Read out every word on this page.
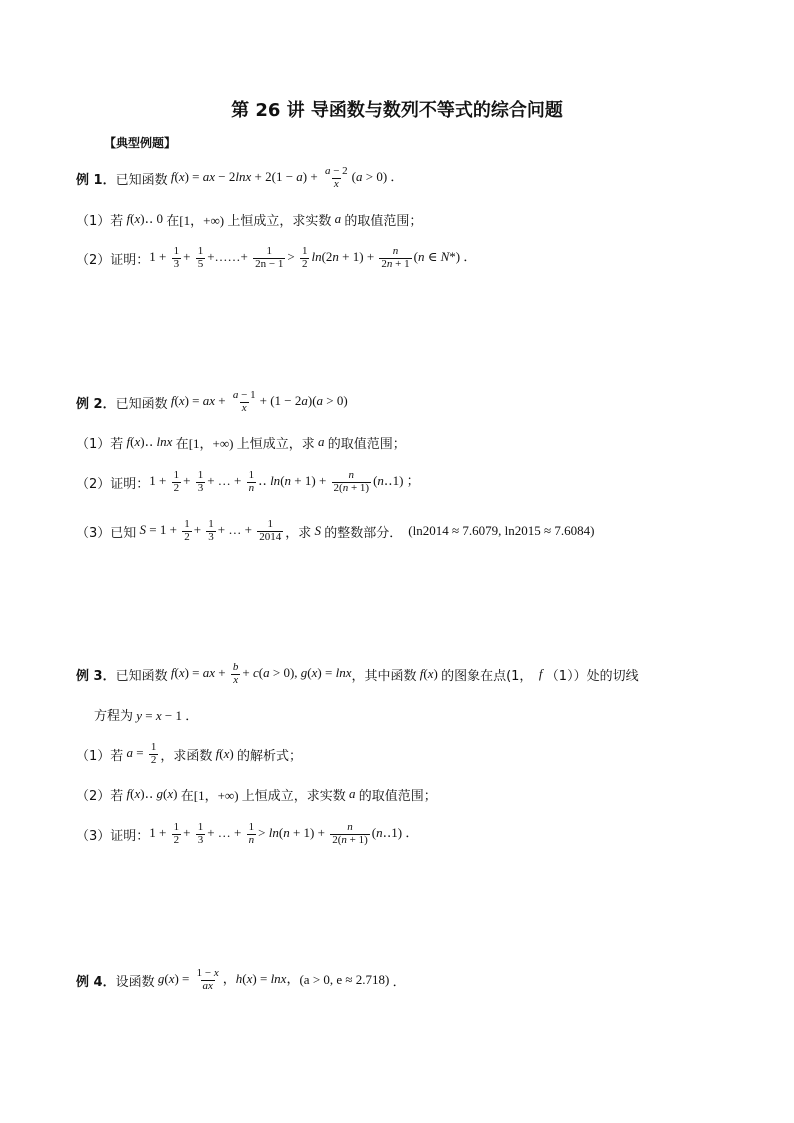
第 26 讲 导函数与数列不等式的综合问题
【典型例题】
例 1． 已知函数 f(x) = ax − $2\ln x + 2(1 - a) + \frac{a - 2}{x} (a > 0)$ ．
（1）若 f(x)‥ 0 在 [1，+∞) 上恒成立，求实数 a 的取值范围；
（2）证明： $1 + \frac{1}{3} + \frac{1}{5}$ +……+ $\frac{1}{2n - 1} > \frac{1}{2} \ln(2n + 1) + \frac{n}{2n + 1} (n$ ∈ N*) ．
例 2． 已知函数 f(x) = ax + $\frac{a - 1}{x} + (1 - 2a)(a > 0)$
（1）若 f(x)‥ lnx 在 [1，+∞) 上恒成立，求 a 的取值范围；
（2）证明： $1 + \frac{1}{2} + \frac{1}{3}$ + … + $\frac{1}{n}$ ‥ $\ln(n + 1) + \frac{n}{2(n + 1)}$ (n‥1) ；
（3）已知 $S = 1 + \frac{1}{2} + \frac{1}{3}$ + … + $\frac{1}{2014}$ ，求 S 的整数部分． (ln2014 ≈ 7.6079, ln2015 ≈ 7.6084)
例 3． 已知函数 f(x) = ax + $\frac{b}{x} + c(a > 0)$, g(x) = lnx ，其中函数 f(x) 的图象在点(1， f （1））处的切线
方程为 y = x − 1 ．
（1）若 $a = \frac{1}{2}$ ，求函数 f(x) 的解析式；
（2）若 f(x)‥ g(x) 在 [1，+∞) 上恒成立，求实数 a 的取值范围；
（3）证明： $1 + \frac{1}{2} + \frac{1}{3}$ + … + $\frac{1}{n} > \ln(n + 1) + \frac{n}{2(n + 1)}$ (n‥1) ．
例 4． 设函数 $g(x) = \frac{1 - x}{ax}$ ，h(x) = lnx， (a > 0, e ≈ 2.718) ．
